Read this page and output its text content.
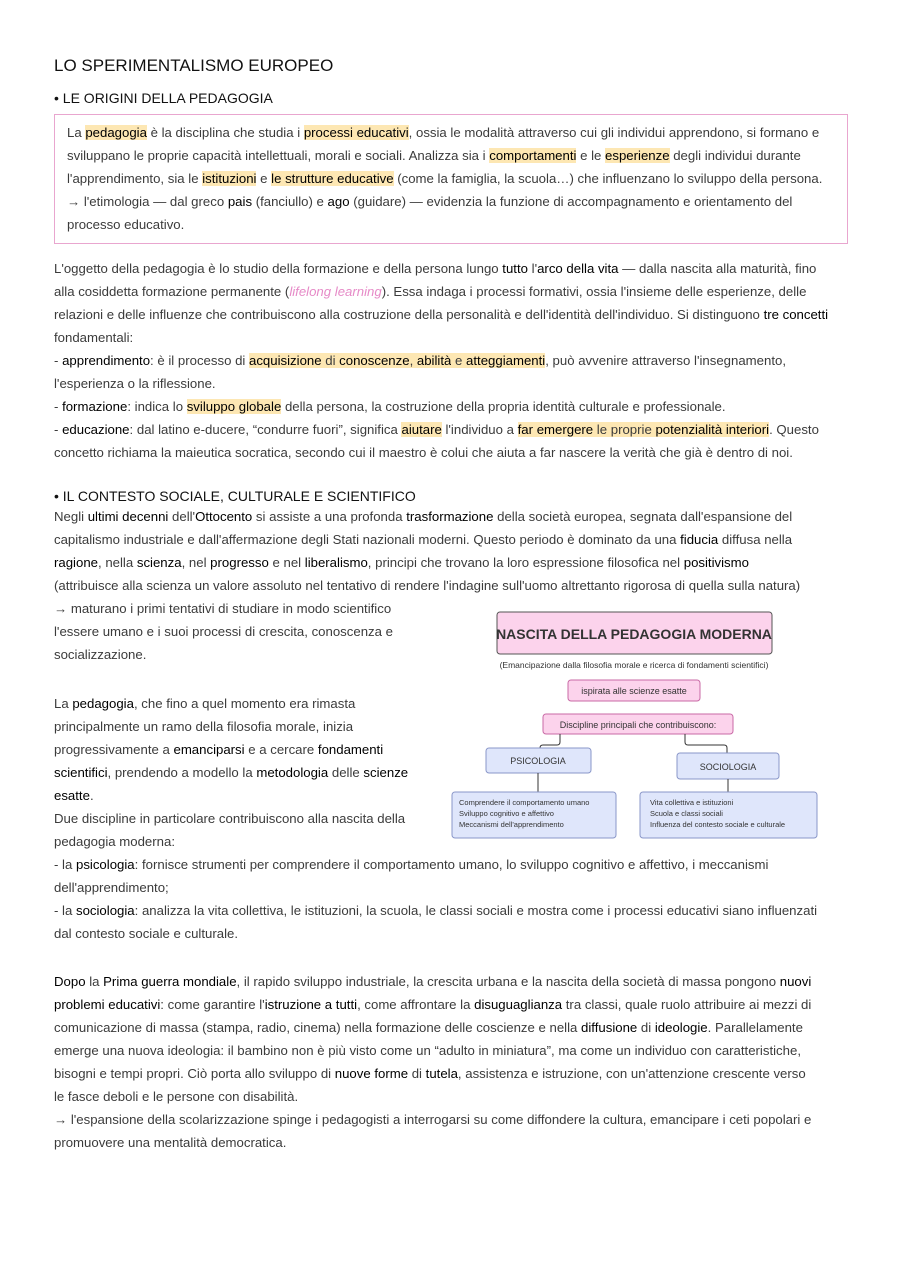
LO SPERIMENTALISMO EUROPEO
• LE ORIGINI DELLA PEDAGOGIA
La pedagogia è la disciplina che studia i processi educativi, ossia le modalità attraverso cui gli individui apprendono, si formano e
sviluppano le proprie capacità intellettuali, morali e sociali. Analizza sia i comportamenti e le esperienze degli individui durante
l'apprendimento, sia le istituzioni e le strutture educative (come la famiglia, la scuola…) che influenzano lo sviluppo della persona.
→ l'etimologia — dal greco pais (fanciullo) e ago (guidare) — evidenzia la funzione di accompagnamento e orientamento del
processo educativo.
L'oggetto della pedagogia è lo studio della formazione e della persona lungo tutto l'arco della vita — dalla nascita alla maturità, fino
alla cosiddetta formazione permanente (lifelong learning). Essa indaga i processi formativi, ossia l'insieme delle esperienze, delle
relazioni e delle influenze che contribuiscono alla costruzione della personalità e dell'identità dell'individuo. Si distinguono tre concetti
fondamentali:
- apprendimento: è il processo di acquisizione di conoscenze, abilità e atteggiamenti, può avvenire attraverso l'insegnamento,
l'esperienza o la riflessione.
- formazione: indica lo sviluppo globale della persona, la costruzione della propria identità culturale e professionale.
- educazione: dal latino e-ducere, “condurre fuori”, significa aiutare l'individuo a far emergere le proprie potenzialità interiori. Questo
concetto richiama la maieutica socratica, secondo cui il maestro è colui che aiuta a far nascere la verità che già è dentro di noi.
• IL CONTESTO SOCIALE, CULTURALE E SCIENTIFICO
Negli ultimi decenni dell'Ottocento si assiste a una profonda trasformazione della società europea, segnata dall'espansione del
capitalismo industriale e dall'affermazione degli Stati nazionali moderni. Questo periodo è dominato da una fiducia diffusa nella
ragione, nella scienza, nel progresso e nel liberalismo, principi che trovano la loro espressione filosofica nel positivismo
(attribuisce alla scienza un valore assoluto nel tentativo di rendere l'indagine sull'uomo altrettanto rigorosa di quella sulla natura)
→ maturano i primi tentativi di studiare in modo scientifico
l'essere umano e i suoi processi di crescita, conoscenza e
socializzazione.
La pedagogia, che fino a quel momento era rimasta
principalmente un ramo della filosofia morale, inizia
progressivamente a emanciparsi e a cercare fondamenti
scientifici, prendendo a modello la metodologia delle scienze
esatte.
Due discipline in particolare contribuiscono alla nascita della
pedagogia moderna:
- la psicologia: fornisce strumenti per comprendere il comportamento umano, lo sviluppo cognitivo e affettivo, i meccanismi
dell'apprendimento;
- la sociologia: analizza la vita collettiva, le istituzioni, la scuola, le classi sociali e mostra come i processi educativi siano influenzati
dal contesto sociale e culturale.
Dopo la Prima guerra mondiale, il rapido sviluppo industriale, la crescita urbana e la nascita della società di massa pongono nuovi
problemi educativi: come garantire l'istruzione a tutti, come affrontare la disuguaglianza tra classi, quale ruolo attribuire ai mezzi di
comunicazione di massa (stampa, radio, cinema) nella formazione delle coscienze e nella diffusione di ideologie. Parallelamente
emerge una nuova ideologia: il bambino non è più visto come un “adulto in miniatura”, ma come un individuo con caratteristiche,
bisogni e tempi propri. Ciò porta allo sviluppo di nuove forme di tutela, assistenza e istruzione, con un'attenzione crescente verso
le fasce deboli e le persone con disabilità.
→ l'espansione della scolarizzazione spinge i pedagogisti a interrogarsi su come diffondere la cultura, emancipare i ceti popolari e
promuovere una mentalità democratica.
NASCITA DELLA PEDAGOGIA MODERNA
(Emancipazione dalla filosofia morale e ricerca di fondamenti scientifici)
ispirata alle scienze esatte
Discipline principali che contribuiscono:
PSICOLOGIA
SOCIOLOGIA
Comprendere il comportamento umano
Sviluppo cognitivo e affettivo
Meccanismi dell'apprendimento
Vita collettiva e istituzioni
Scuola e classi sociali
Influenza del contesto sociale e culturale
